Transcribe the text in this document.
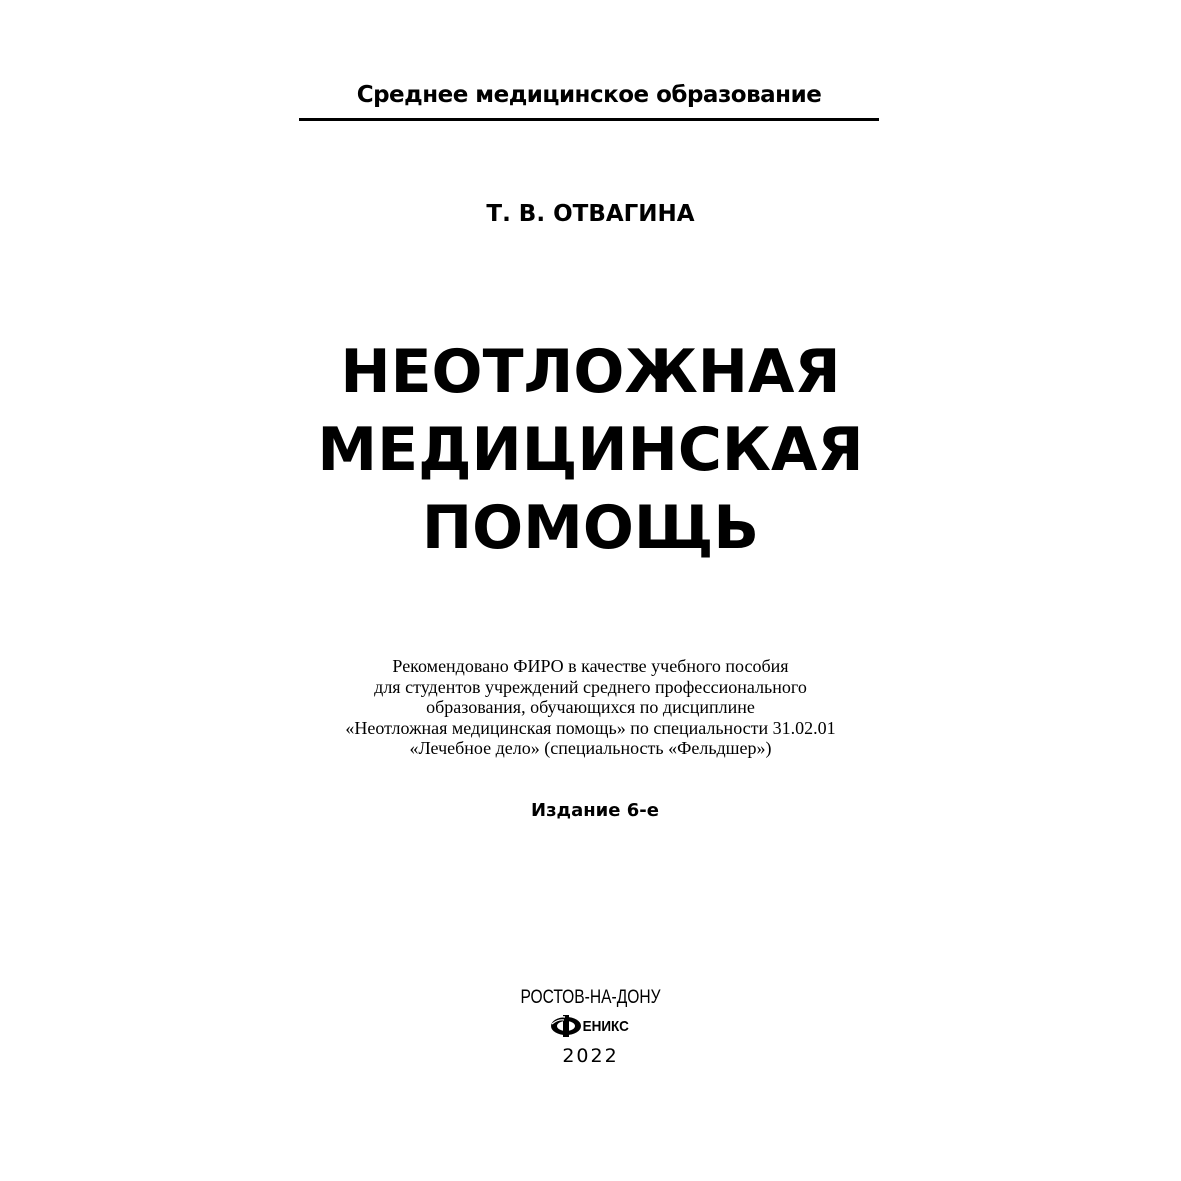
Среднее медицинское образование
Т. В. ОТВАГИНА
НЕОТЛОЖНАЯ
МЕДИЦИНСКАЯ
ПОМОЩЬ
Рекомендовано ФИРО в качестве учебного пособия
для студентов учреждений среднего профессионального
образования, обучающихся по дисциплине
«Неотложная медицинская помощь» по специальности 31.02.01
«Лечебное дело» (специальность «Фельдшер»)
Издание 6-е
РОСТОВ-НА-ДОНУ
ЕНИКС
2022
